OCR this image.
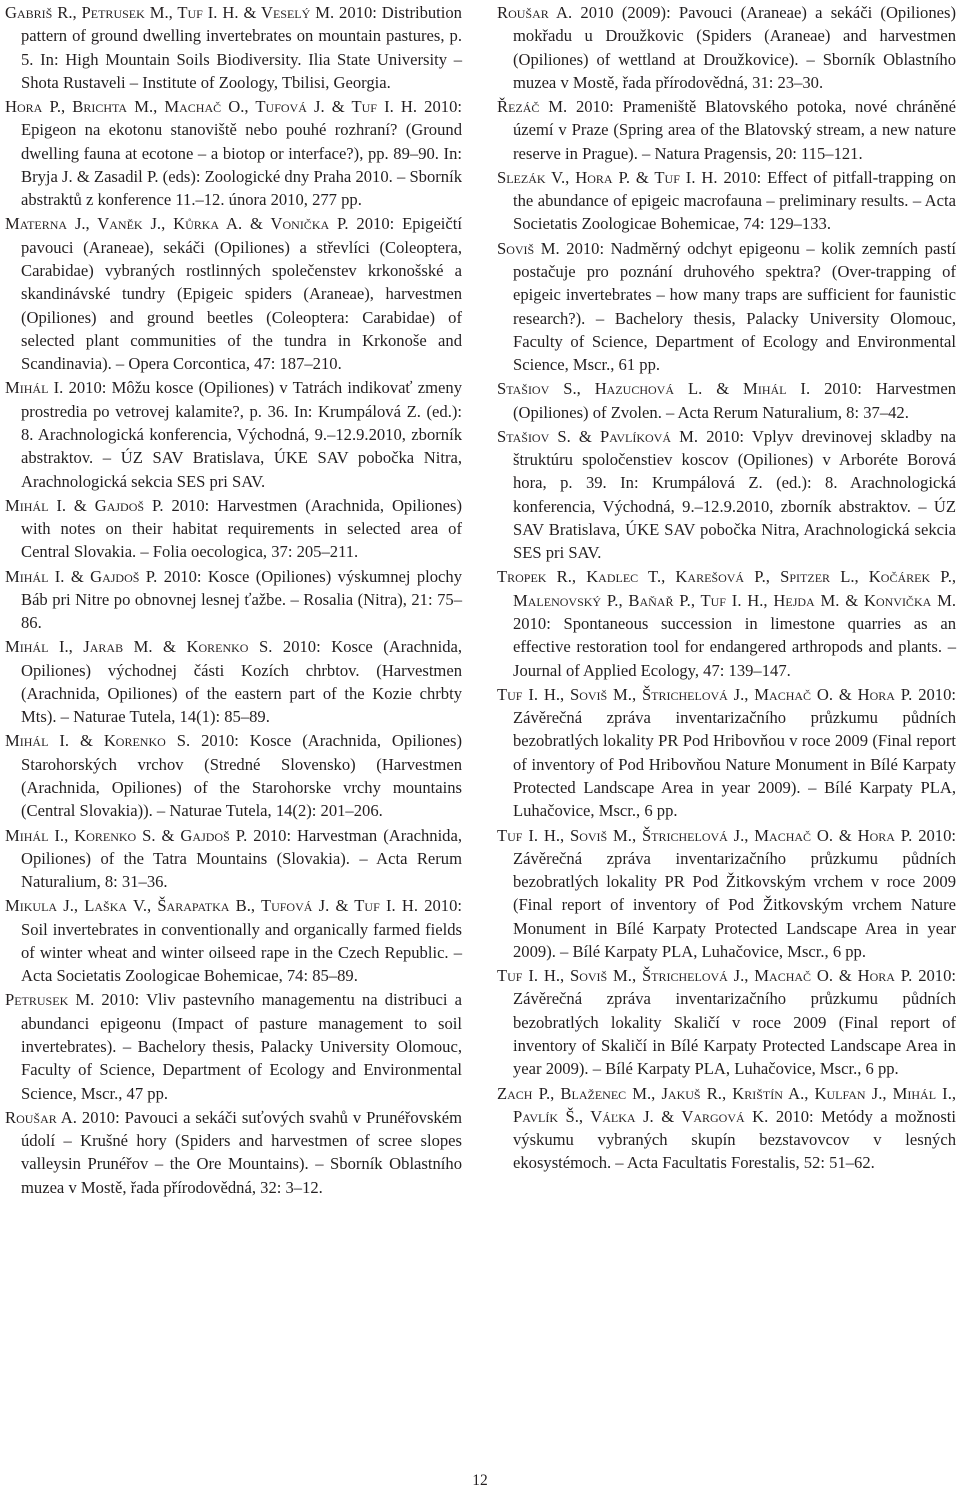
Gabriš R., Petrusek M., Tuf I. H. & Veselý M. 2010: Distribution pattern of ground dwelling invertebrates on mountain pastures, p. 5. In: High Mountain Soils Biodiversity. Ilia State University – Shota Rustaveli – Institute of Zoology, Tbilisi, Georgia.

Hora P., Brichta M., Machač O., Tufová J. & Tuf I. H. 2010: Epigeon na ekotonu stanoviště nebo pouhé rozhraní? (Ground dwelling fauna at ecotone – a biotop or interface?), pp. 89–90. In: Bryja J. & Zasadil P. (eds): Zoologické dny Praha 2010. – Sborník abstraktů z konference 11.–12. února 2010, 277 pp.

Materna J., Vaněk J., Kůrka A. & Vonička P. 2010: Epigeičtí pavouci (Araneae), sekáči (Opiliones) a střevlíci (Coleoptera, Carabidae) vybraných rostlinných společenstev krkonošské a skandinávské tundry (Epigeic spiders (Araneae), harvestmen (Opiliones) and ground beetles (Coleoptera: Carabidae) of selected plant communities of the tundra in Krkonoše and Scandinavia). – Opera Corcontica, 47: 187–210.

Mihál I. 2010: Môžu kosce (Opiliones) v Tatrách indikovať zmeny prostredia po vetrovej kalamite?, p. 36. In: Krumpálová Z. (ed.): 8. Arachnologická konferencia, Východná, 9.–12.9.2010, zborník abstraktov. – ÚZ SAV Bratislava, ÚKE SAV pobočka Nitra, Arachnologická sekcia SES pri SAV.

Mihál I. & Gajdoš P. 2010: Harvestmen (Arachnida, Opiliones) with notes on their habitat requirements in selected area of Central Slovakia. – Folia oecologica, 37: 205–211.

Mihál I. & Gajdoš P. 2010: Kosce (Opiliones) výskumnej plochy Báb pri Nitre po obnovnej lesnej ťažbe. – Rosalia (Nitra), 21: 75–86.

Mihál I., Jarab M. & Korenko S. 2010: Kosce (Arachnida, Opiliones) východnej části Kozích chrbtov. (Harvestmen (Arachnida, Opiliones) of the eastern part of the Kozie chrbty Mts). – Naturae Tutela, 14(1): 85–89.

Mihál I. & Korenko S. 2010: Kosce (Arachnida, Opiliones) Starohorských vrchov (Stredné Slovensko) (Harvestmen (Arachnida, Opiliones) of the Starohorske vrchy mountains (Central Slovakia)). – Naturae Tutela, 14(2): 201–206.

Mihál I., Korenko S. & Gajdoš P. 2010: Harvestman (Arachnida, Opiliones) of the Tatra Mountains (Slovakia). – Acta Rerum Naturalium, 8: 31–36.

Mikula J., Laška V., Šarapatka B., Tufová J. & Tuf I. H. 2010: Soil invertebrates in conventionally and organically farmed fields of winter wheat and winter oilseed rape in the Czech Republic. – Acta Societatis Zoologicae Bohemicae, 74: 85–89.

Petrusek M. 2010: Vliv pastevního managementu na distribuci a abundanci epigeonu (Impact of pasture management to soil invertebrates). – Bachelory thesis, Palacky University Olomouc, Faculty of Science, Department of Ecology and Environmental Science, Mscr., 47 pp.

Roušar A. 2010: Pavouci a sekáči suťových svahů v Prunéřovském údolí – Krušné hory (Spiders and harvestmen of scree slopes valleysin Prunéřov – the Ore Mountains). – Sborník Oblastního muzea v Mostě, řada přírodovědná, 32: 3–12.

Roušar A. 2010 (2009): Pavouci (Araneae) a sekáči (Opiliones) mokřadu u Droužkovic (Spiders (Araneae) and harvestmen (Opiliones) of wettland at Droužkovice). – Sborník Oblastního muzea v Mostě, řada přírodovědná, 31: 23–30.

Řezáč M. 2010: Prameniště Blatovského potoka, nové chráněné území v Praze (Spring area of the Blatovský stream, a new nature reserve in Prague). – Natura Pragensis, 20: 115–121.

Slezák V., Hora P. & Tuf I. H. 2010: Effect of pitfall-trapping on the abundance of epigeic macrofauna – preliminary results. – Acta Societatis Zoologicae Bohemicae, 74: 129–133.

Soviš M. 2010: Nadměrný odchyt epigeonu – kolik zemních pastí postačuje pro poznání druhového spektra? (Over-trapping of epigeic invertebrates – how many traps are sufficient for faunistic research?). – Bachelory thesis, Palacky University Olomouc, Faculty of Science, Department of Ecology and Environmental Science, Mscr., 61 pp.

Stašiov S., Hazuchová L. & Mihál I. 2010: Harvestmen (Opiliones) of Zvolen. – Acta Rerum Naturalium, 8: 37–42.

Stašiov S. & Pavlíková M. 2010: Vplyv drevinovej skladby na štruktúru spoločenstiev koscov (Opiliones) v Arboréte Borová hora, p. 39. In: Krumpálová Z. (ed.): 8. Arachnologická konferencia, Východná, 9.–12.9.2010, zborník abstraktov. – ÚZ SAV Bratislava, ÚKE SAV pobočka Nitra, Arachnologická sekcia SES pri SAV.

Tropek R., Kadlec T., Karešová P., Spitzer L., Kočárek P., Malenovský P., Baňař P., Tuf I. H., Hejda M. & Konvička M. 2010: Spontaneous succession in limestone quarries as an effective restoration tool for endangered arthropods and plants. – Journal of Applied Ecology, 47: 139–147.

Tuf I. H., Soviš M., Štrichelová J., Machač O. & Hora P. 2010: Závěrečná zpráva inventarizačního průzkumu půdních bezobratlých lokality PR Pod Hribovňou v roce 2009 (Final report of inventory of Pod Hribovňou Nature Monument in Bílé Karpaty Protected Landscape Area in year 2009). – Bílé Karpaty PLA, Luhačovice, Mscr., 6 pp.

Tuf I. H., Soviš M., Štrichelová J., Machač O. & Hora P. 2010: Závěrečná zpráva inventarizačního průzkumu půdních bezobratlých lokality PR Pod Žitkovským vrchem v roce 2009 (Final report of inventory of Pod Žitkovským vrchem Nature Monument in Bílé Karpaty Protected Landscape Area in year 2009). – Bílé Karpaty PLA, Luhačovice, Mscr., 6 pp.

Tuf I. H., Soviš M., Štrichelová J., Machač O. & Hora P. 2010: Závěrečná zpráva inventarizačního průzkumu půdních bezobratlých lokality Skaličí v roce 2009 (Final report of inventory of Skaličí in Bílé Karpaty Protected Landscape Area in year 2009). – Bílé Karpaty PLA, Luhačovice, Mscr., 6 pp.

Zach P., Blaženec M., Jakuš R., Krištín A., Kulfan J., Mihál I., Pavlík Š., Váľka J. & Vargová K. 2010: Metódy a možnosti výskumu vybraných skupín bezstavovcov v lesných ekosystémoch. – Acta Facultatis Forestalis, 52: 51–62.

12
